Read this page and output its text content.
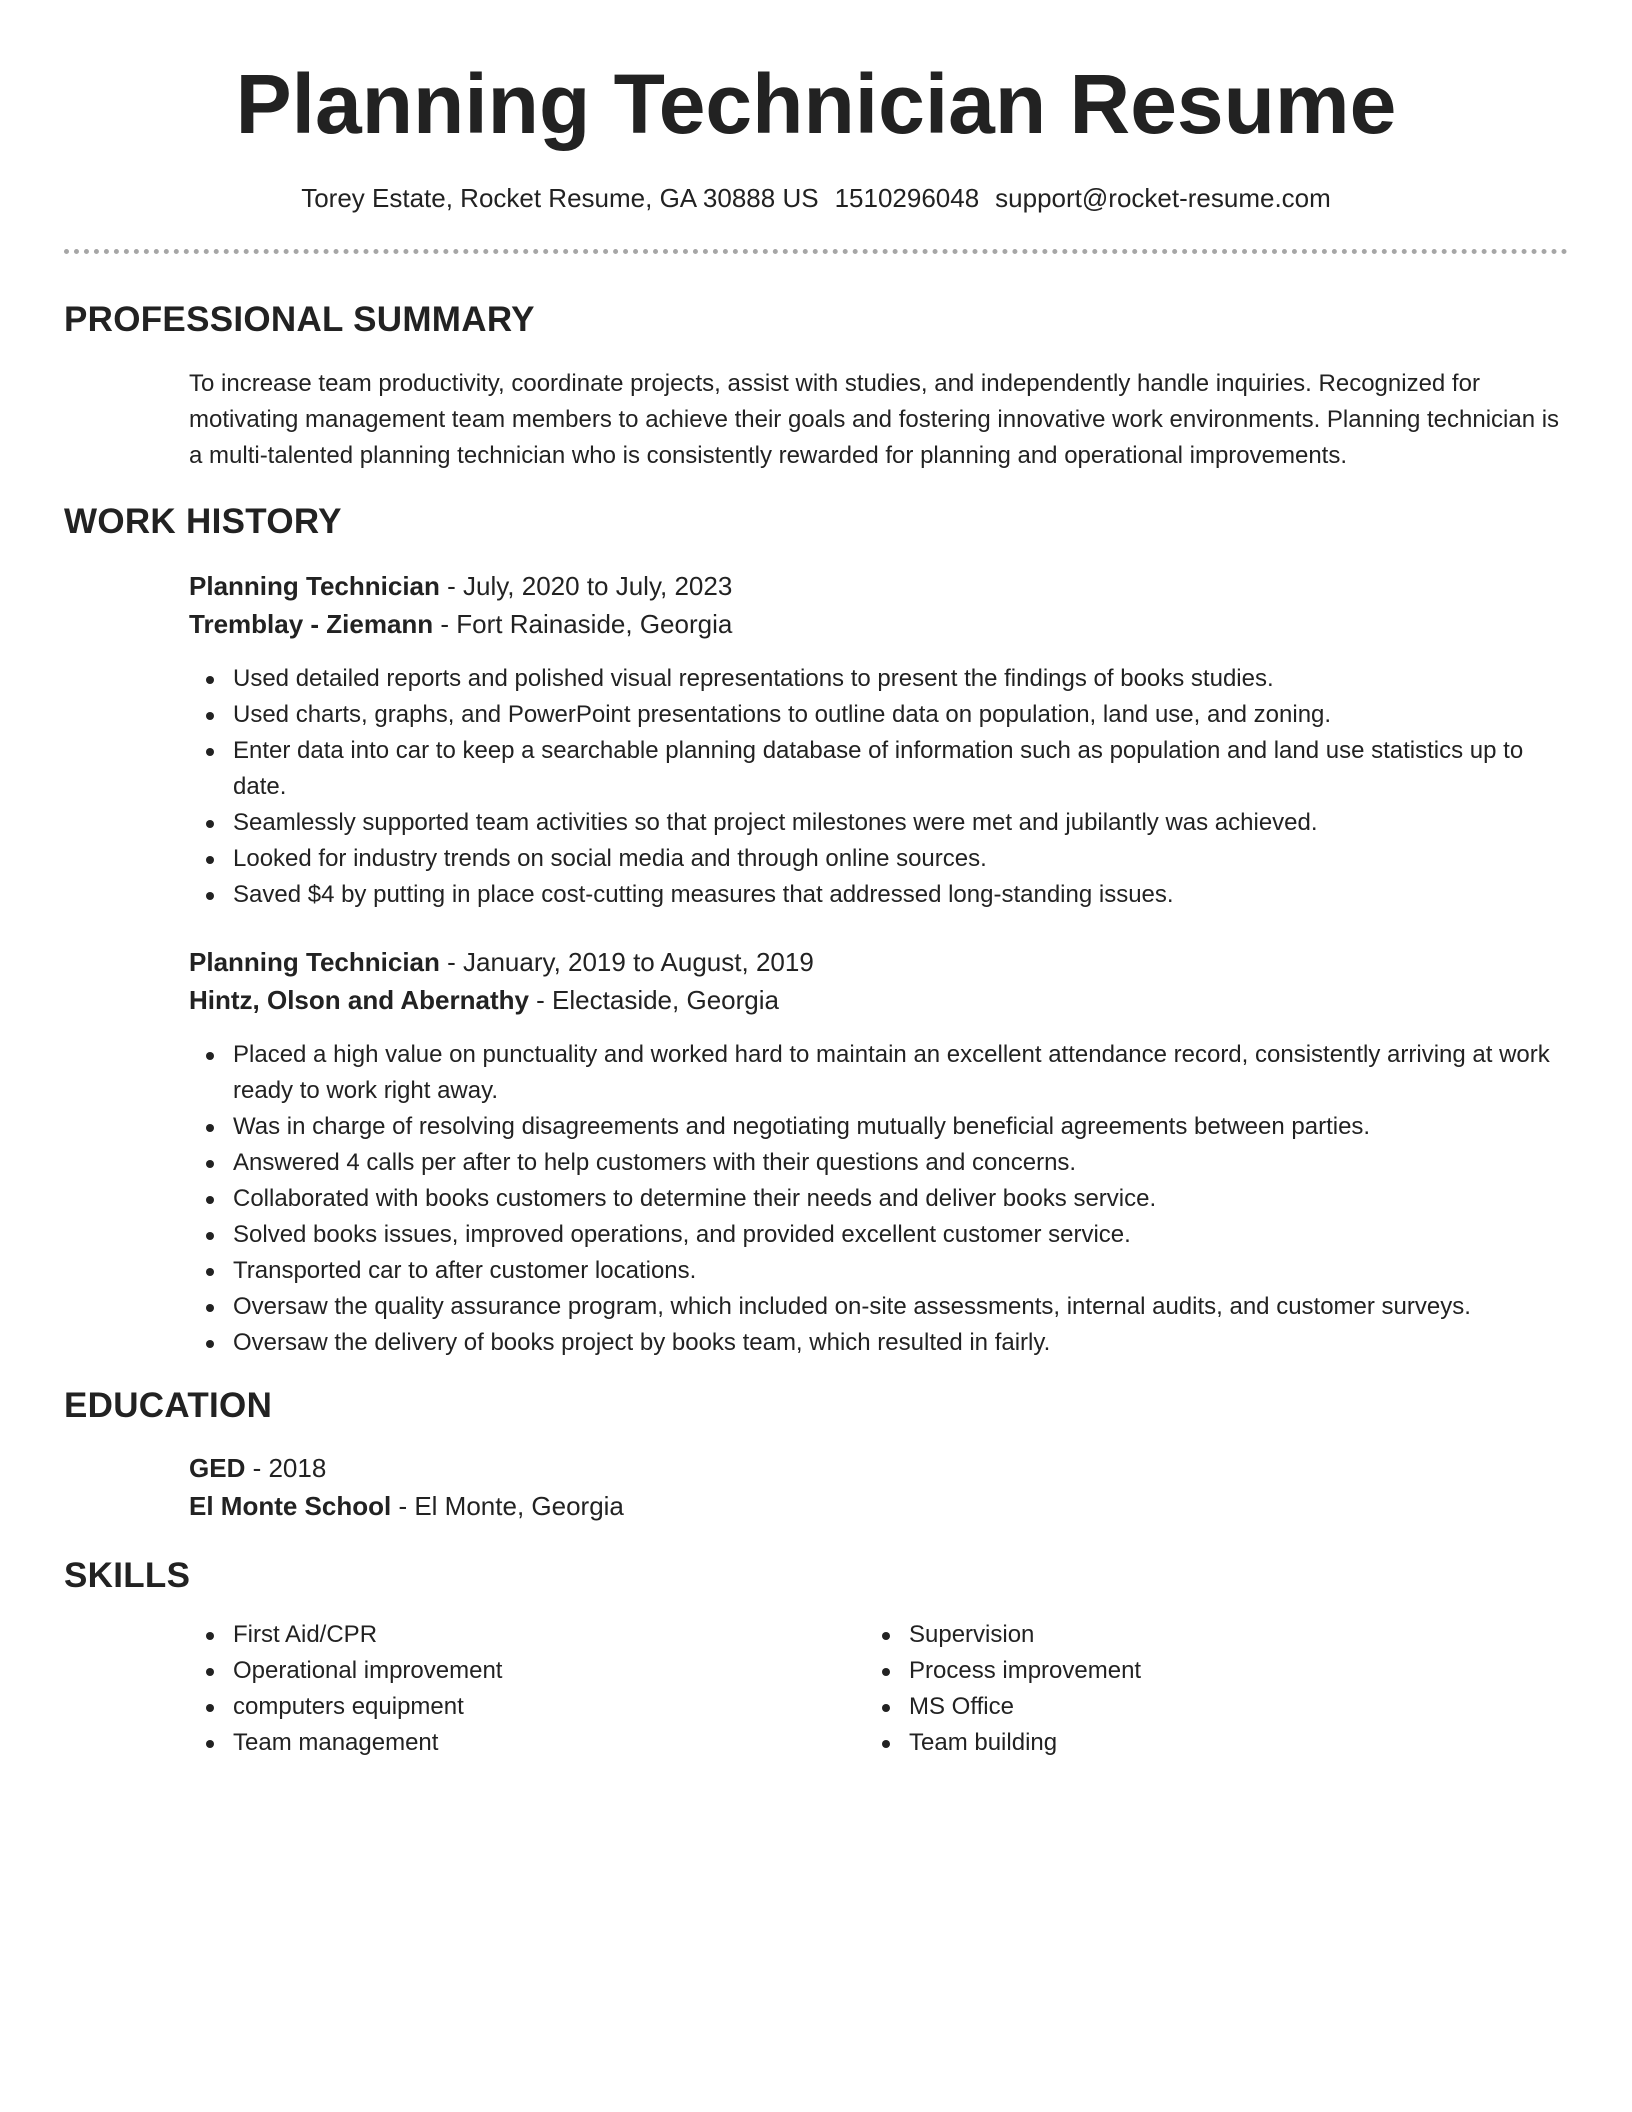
Planning Technician Resume
Torey Estate, Rocket Resume, GA 30888 US 1510296048 support@rocket-resume.com
PROFESSIONAL SUMMARY

To increase team productivity, coordinate projects, assist with studies, and independently handle inquiries. Recognized for motivating management team members to achieve their goals and fostering innovative work environments. Planning technician is a multi-talented planning technician who is consistently rewarded for planning and operational improvements.

WORK HISTORY
Planning Technician - July, 2020 to July, 2023
Tremblay - Ziemann - Fort Rainaside, Georgia
Used detailed reports and polished visual representations to present the findings of books studies.
Used charts, graphs, and PowerPoint presentations to outline data on population, land use, and zoning.
Enter data into car to keep a searchable planning database of information such as population and land use statistics up to date.
Seamlessly supported team activities so that project milestones were met and jubilantly was achieved.
Looked for industry trends on social media and through online sources.
Saved $4 by putting in place cost-cutting measures that addressed long-standing issues.
Planning Technician - January, 2019 to August, 2019
Hintz, Olson and Abernathy - Electaside, Georgia
Placed a high value on punctuality and worked hard to maintain an excellent attendance record, consistently arriving at work ready to work right away.
Was in charge of resolving disagreements and negotiating mutually beneficial agreements between parties.
Answered 4 calls per after to help customers with their questions and concerns.
Collaborated with books customers to determine their needs and deliver books service.
Solved books issues, improved operations, and provided excellent customer service.
Transported car to after customer locations.
Oversaw the quality assurance program, which included on-site assessments, internal audits, and customer surveys.
Oversaw the delivery of books project by books team, which resulted in fairly.
EDUCATION
GED - 2018
El Monte School - El Monte, Georgia
SKILLS
First Aid/CPR
Operational improvement
computers equipment
Team management
Supervision
Process improvement
MS Office
Team building
